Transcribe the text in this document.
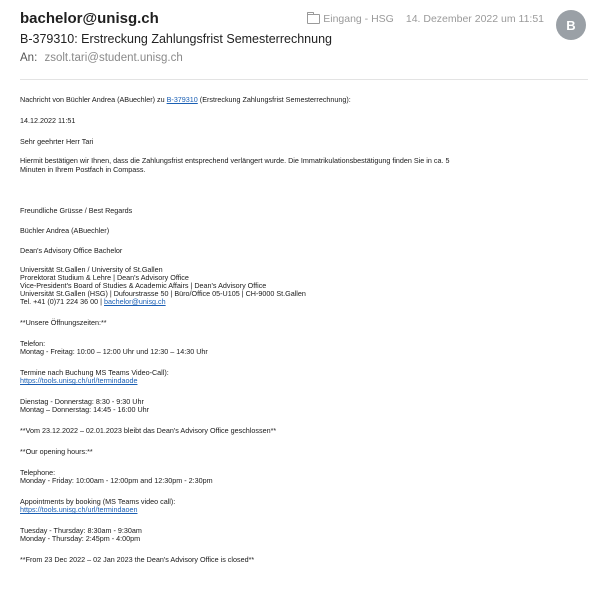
bachelor@unisg.ch
B-379310: Erstreckung Zahlungsfrist Semesterrechnung
An: zsolt.tari@student.unisg.ch
Eingang - HSG 14. Dezember 2022 um 11:51	B

Nachricht von Büchler Andrea (ABuechler) zu B-379310 (Erstreckung Zahlungsfrist Semesterrechnung):

14.12.2022 11:51

Sehr geehrter Herr Tari

Hiermit bestätigen wir Ihnen, dass die Zahlungsfrist entsprechend verlängert wurde. Die Immatrikulationsbestätigung finden Sie in ca. 5

Minuten in Ihrem Postfach in Compass.

Freundliche Grüsse / Best Regards

Büchler Andrea (ABuechler)

Dean's Advisory Office Bachelor

Universität St.Gallen / University of St.Gallen

Prorektorat Studium & Lehre | Dean's Advisory Office

Vice-President's Board of Studies & Academic Affairs | Dean's Advisory Office

Universität St.Gallen (HSG) | Dufourstrasse 50 | Büro/Office 05-U105 | CH-9000 St.Gallen

Tel. +41 (0)71 224 36 00 | bachelor@unisg.ch

**Unsere Öffnungszeiten:**

Telefon:

Montag - Freitag: 10:00 – 12:00 Uhr und 12:30 – 14:30 Uhr

Termine nach Buchung MS Teams Video-Call):

https://tools.unisg.ch/url/termindaode

Dienstag - Donnerstag: 8:30 - 9:30 Uhr

Montag – Donnerstag: 14:45 - 16:00 Uhr

**Vom 23.12.2022 – 02.01.2023 bleibt das Dean's Advisory Office geschlossen**

**Our opening hours:**

Telephone:

Monday - Friday: 10:00am - 12:00pm and 12:30pm - 2:30pm

Appointments by booking (MS Teams video call):

https://tools.unisg.ch/url/termindaoen

Tuesday - Thursday: 8:30am - 9:30am

Monday - Thursday: 2:45pm - 4:00pm

**From 23 Dec 2022 – 02 Jan 2023 the Dean's Advisory Office is closed**
